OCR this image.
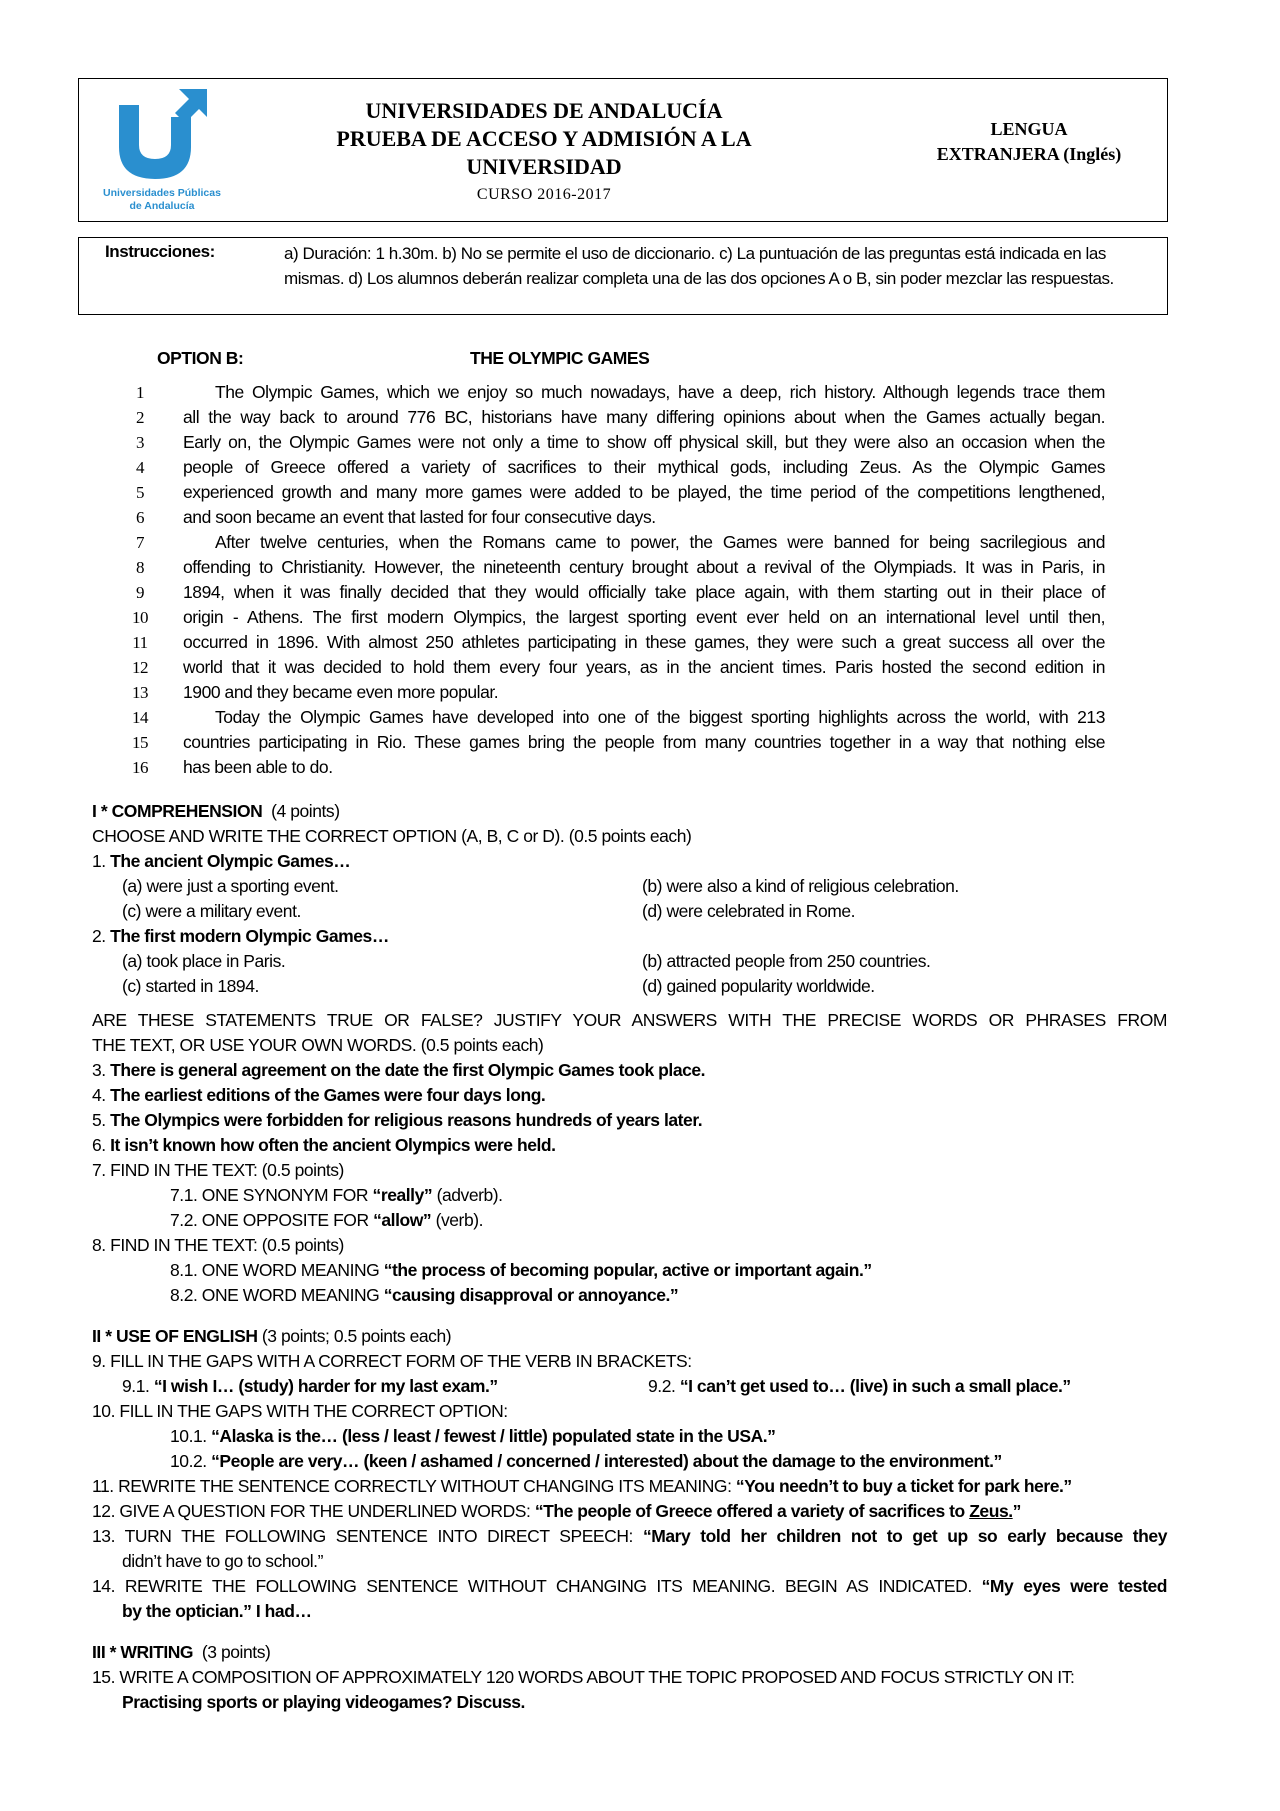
Universidades Públicas
de Andalucía
UNIVERSIDADES DE ANDALUCÍA
PRUEBA DE ACCESO Y ADMISIÓN A LA
UNIVERSIDAD
CURSO 2016-2017
LENGUA
EXTRANJERA (Inglés)
Instrucciones:	a) Duración: 1 h.30m. b) No se permite el uso de diccionario. c) La puntuación de las preguntas está indicada en las mismas. d) Los alumnos deberán realizar completa una de las dos opciones A o B, sin poder mezclar las respuestas.
OPTION B:	THE OLYMPIC GAMES
1	The Olympic Games, which we enjoy so much nowadays, have a deep, rich history. Although legends trace them
2	all the way back to around 776 BC, historians have many differing opinions about when the Games actually began.
3	Early on, the Olympic Games were not only a time to show off physical skill, but they were also an occasion when the
4	people of Greece offered a variety of sacrifices to their mythical gods, including Zeus. As the Olympic Games
5	experienced growth and many more games were added to be played, the time period of the competitions lengthened,
6	and soon became an event that lasted for four consecutive days.
7	After twelve centuries, when the Romans came to power, the Games were banned for being sacrilegious and
8	offending to Christianity. However, the nineteenth century brought about a revival of the Olympiads. It was in Paris, in
9	1894, when it was finally decided that they would officially take place again, with them starting out in their place of
10	origin - Athens. The first modern Olympics, the largest sporting event ever held on an international level until then,
11	occurred in 1896. With almost 250 athletes participating in these games, they were such a great success all over the
12	world that it was decided to hold them every four years, as in the ancient times. Paris hosted the second edition in
13	1900 and they became even more popular.
14	Today the Olympic Games have developed into one of the biggest sporting highlights across the world, with 213
15	countries participating in Rio. These games bring the people from many countries together in a way that nothing else
16	has been able to do.
I * COMPREHENSION (4 points)
CHOOSE AND WRITE THE CORRECT OPTION (A, B, C or D). (0.5 points each)
1. The ancient Olympic Games…
(a) were just a sporting event.	(b) were also a kind of religious celebration.
(c) were a military event.	(d) were celebrated in Rome.
2. The first modern Olympic Games…
(a) took place in Paris.	(b) attracted people from 250 countries.
(c) started in 1894.	(d) gained popularity worldwide.
ARE THESE STATEMENTS TRUE OR FALSE? JUSTIFY YOUR ANSWERS WITH THE PRECISE WORDS OR PHRASES FROM
THE TEXT, OR USE YOUR OWN WORDS. (0.5 points each)
3. There is general agreement on the date the first Olympic Games took place.
4. The earliest editions of the Games were four days long.
5. The Olympics were forbidden for religious reasons hundreds of years later.
6. It isn’t known how often the ancient Olympics were held.
7. FIND IN THE TEXT: (0.5 points)
7.1. ONE SYNONYM FOR “really” (adverb).
7.2. ONE OPPOSITE FOR “allow” (verb).
8. FIND IN THE TEXT: (0.5 points)
8.1. ONE WORD MEANING “the process of becoming popular, active or important again.”
8.2. ONE WORD MEANING “causing disapproval or annoyance.”
II * USE OF ENGLISH (3 points; 0.5 points each)
9. FILL IN THE GAPS WITH A CORRECT FORM OF THE VERB IN BRACKETS:
9.1. “I wish I… (study) harder for my last exam.”	9.2. “I can’t get used to… (live) in such a small place.”
10. FILL IN THE GAPS WITH THE CORRECT OPTION:
10.1. “Alaska is the… (less / least / fewest / little) populated state in the USA.”
10.2. “People are very… (keen / ashamed / concerned / interested) about the damage to the environment.”
11. REWRITE THE SENTENCE CORRECTLY WITHOUT CHANGING ITS MEANING: “You needn’t to buy a ticket for park here.”
12. GIVE A QUESTION FOR THE UNDERLINED WORDS: “The people of Greece offered a variety of sacrifices to Zeus.”
13. TURN THE FOLLOWING SENTENCE INTO DIRECT SPEECH: “Mary told her children not to get up so early because they
didn’t have to go to school.”
14. REWRITE THE FOLLOWING SENTENCE WITHOUT CHANGING ITS MEANING. BEGIN AS INDICATED. “My eyes were tested
by the optician.” I had…
III * WRITING (3 points)
15. WRITE A COMPOSITION OF APPROXIMATELY 120 WORDS ABOUT THE TOPIC PROPOSED AND FOCUS STRICTLY ON IT:
Practising sports or playing videogames? Discuss.
